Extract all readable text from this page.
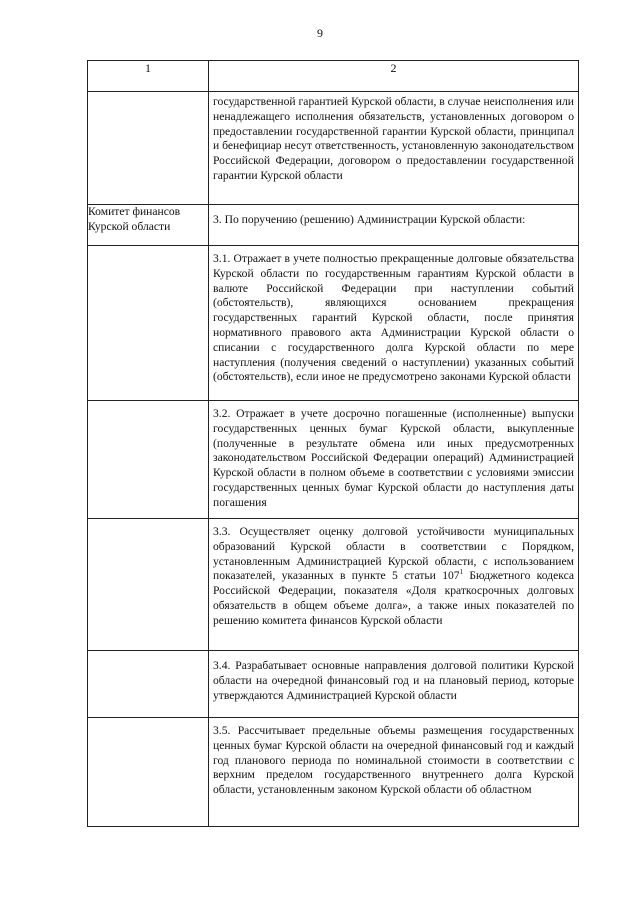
9
1	2

	государственной гарантией Курской области, в случае неисполнения или ненадлежащего исполнения обязательств, установленных договором о предоставлении государственной гарантии Курской области, принципал и бенефициар несут ответственность, установленную законодательством Российской Федерации, договором о предоставлении государственной гарантии Курской области

Комитет финансов Курской области	3. По поручению (решению) Администрации Курской области:

	3.1. Отражает в учете полностью прекращенные долговые обязательства Курской области по государственным гарантиям Курской области в валюте Российской Федерации при наступлении событий (обстоятельств), являющихся основанием прекращения государственных гарантий Курской области, после принятия нормативного правового акта Администрации Курской области о списании с государственного долга Курской области по мере наступления (получения сведений о наступлении) указанных событий (обстоятельств), если иное не предусмотрено законами Курской области

	3.2. Отражает в учете досрочно погашенные (исполненные) выпуски государственных ценных бумаг Курской области, выкупленные (полученные в результате обмена или иных предусмотренных законодательством Российской Федерации операций) Администрацией Курской области в полном объеме в соответствии с условиями эмиссии государственных ценных бумаг Курской области до наступления даты погашения

	3.3. Осуществляет оценку долговой устойчивости муниципальных образований Курской области в соответствии с Порядком, установленным Администрацией Курской области, с использованием показателей, указанных в пункте 5 статьи $107^1$ Бюджетного кодекса Российской Федерации, показателя «Доля краткосрочных долговых обязательств в общем объеме долга», а также иных показателей по решению комитета финансов Курской области

	3.4. Разрабатывает основные направления долговой политики Курской области на очередной финансовый год и на плановый период, которые утверждаются Администрацией Курской области

	3.5. Рассчитывает предельные объемы размещения государственных ценных бумаг Курской области на очередной финансовый год и каждый год планового периода по номинальной стоимости в соответствии с верхним пределом государственного внутреннего долга Курской области, установленным законом Курской области об областном
